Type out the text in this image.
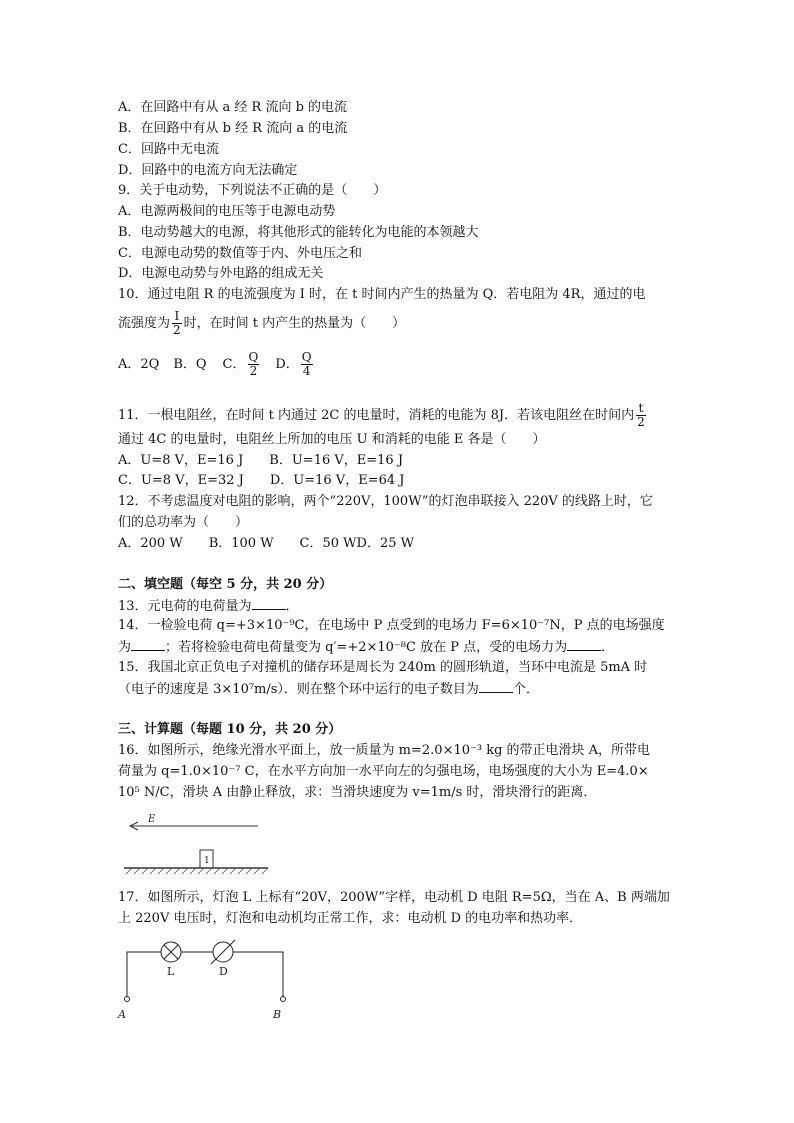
A．在回路中有从 a 经 R 流向 b 的电流
B．在回路中有从 b 经 R 流向 a 的电流
C．回路中无电流
D．回路中的电流方向无法确定
9．关于电动势，下列说法不正确的是（　　）
A．电源两极间的电压等于电源电动势
B．电动势越大的电源，将其他形式的能转化为电能的本领越大
C．电源电动势的数值等于内、外电压之和
D．电源电动势与外电路的组成无关
10．通过电阻 R 的电流强度为 I 时，在 t 时间内产生的热量为 Q．若电阻为 4R，通过的电
流强度为 $\frac{I}{2}$ 时，在时间 t 内产生的热量为（　　）
A．2Q B．Q C． $\frac{Q}{2}$ D． $\frac{Q}{4}$
11．一根电阻丝，在时间 t 内通过 2C 的电量时，消耗的电能为 8J．若该电阻丝在时间内 $\frac{t}{2}$
通过 4C 的电量时，电阻丝上所加的电压 U 和消耗的电能 E 各是（　　）
A．U=8 V，E=16 J　　B．U=16 V，E=16 J
C．U=8 V，E=32 J　　D．U=16 V，E=64 J
12．不考虑温度对电阻的影响，两个“220V，100W”的灯泡串联接入 220V 的线路上时，它
们的总功率为（　　）
A．200 W　　B．100 W　　C．50 WD．25 W
二、填空题（每空 5 分，共 20 分）
13．元电荷的电荷量为	．
14．一检验电荷 q=+3×10⁻⁹C，在电场中 P 点受到的电场力 F=6×10⁻⁷N，P 点的电场强度
为	；若将检验电荷电荷量变为 q′=+2×10⁻⁸C 放在 P 点，受的电场力为	．
15．我国北京正负电子对撞机的储存环是周长为 240m 的圆形轨道，当环中电流是 5mA 时
（电子的速度是 3×10⁷m/s）．则在整个环中运行的电子数目为	个．
三、计算题（每题 10 分，共 20 分）
16．如图所示，绝缘光滑水平面上，放一质量为 m=2.0×10⁻³ kg 的带正电滑块 A，所带电
荷量为 q=1.0×10⁻⁷ C，在水平方向加一水平向左的匀强电场，电场强度的大小为 E=4.0×
10⁵ N/C，滑块 A 由静止释放，求：当滑块速度为 v=1m/s 时，滑块滑行的距离．
E
1
17．如图所示，灯泡 L 上标有“20V，200W”字样，电动机 D 电阻 R=5Ω，当在 A、B 两端加
上 220V 电压时，灯泡和电动机均正常工作，求：电动机 D 的电功率和热功率．
L	D
A	B
